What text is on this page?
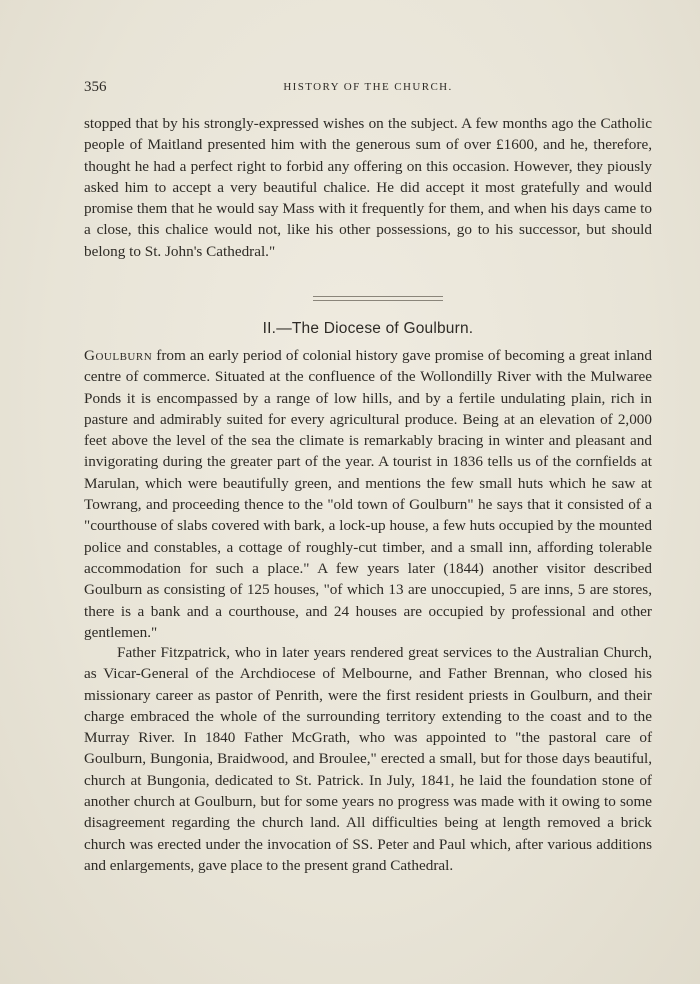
356	HISTORY OF THE CHURCH.

stopped that by his strongly-expressed wishes on the subject. A few months ago the Catholic people of Maitland presented him with the generous sum of over £1600, and he, therefore, thought he had a perfect right to forbid any offering on this occasion. However, they piously asked him to accept a very beautiful chalice. He did accept it most gratefully and would promise them that he would say Mass with it frequently for them, and when his days came to a close, this chalice would not, like his other possessions, go to his successor, but should belong to St. John's Cathedral."

II.—The Diocese of Goulburn.

Goulburn from an early period of colonial history gave promise of becoming a great inland centre of commerce. Situated at the confluence of the Wollondilly River with the Mulwaree Ponds it is encompassed by a range of low hills, and by a fertile undulating plain, rich in pasture and admirably suited for every agricultural produce. Being at an elevation of 2,000 feet above the level of the sea the climate is remarkably bracing in winter and pleasant and invigorating during the greater part of the year. A tourist in 1836 tells us of the cornfields at Marulan, which were beautifully green, and mentions the few small huts which he saw at Towrang, and proceeding thence to the "old town of Goulburn" he says that it consisted of a "courthouse of slabs covered with bark, a lock-up house, a few huts occupied by the mounted police and constables, a cottage of roughly-cut timber, and a small inn, affording tolerable accommodation for such a place." A few years later (1844) another visitor described Goulburn as consisting of 125 houses, "of which 13 are unoccupied, 5 are inns, 5 are stores, there is a bank and a courthouse, and 24 houses are occupied by professional and other gentlemen."

Father Fitzpatrick, who in later years rendered great services to the Australian Church, as Vicar-General of the Archdiocese of Melbourne, and Father Brennan, who closed his missionary career as pastor of Penrith, were the first resident priests in Goulburn, and their charge embraced the whole of the surrounding territory extending to the coast and to the Murray River. In 1840 Father McGrath, who was appointed to "the pastoral care of Goulburn, Bungonia, Braidwood, and Broulee," erected a small, but for those days beautiful, church at Bungonia, dedicated to St. Patrick. In July, 1841, he laid the foundation stone of another church at Goulburn, but for some years no progress was made with it owing to some disagreement regarding the church land. All difficulties being at length removed a brick church was erected under the invocation of SS. Peter and Paul which, after various additions and enlargements, gave place to the present grand Cathedral.
